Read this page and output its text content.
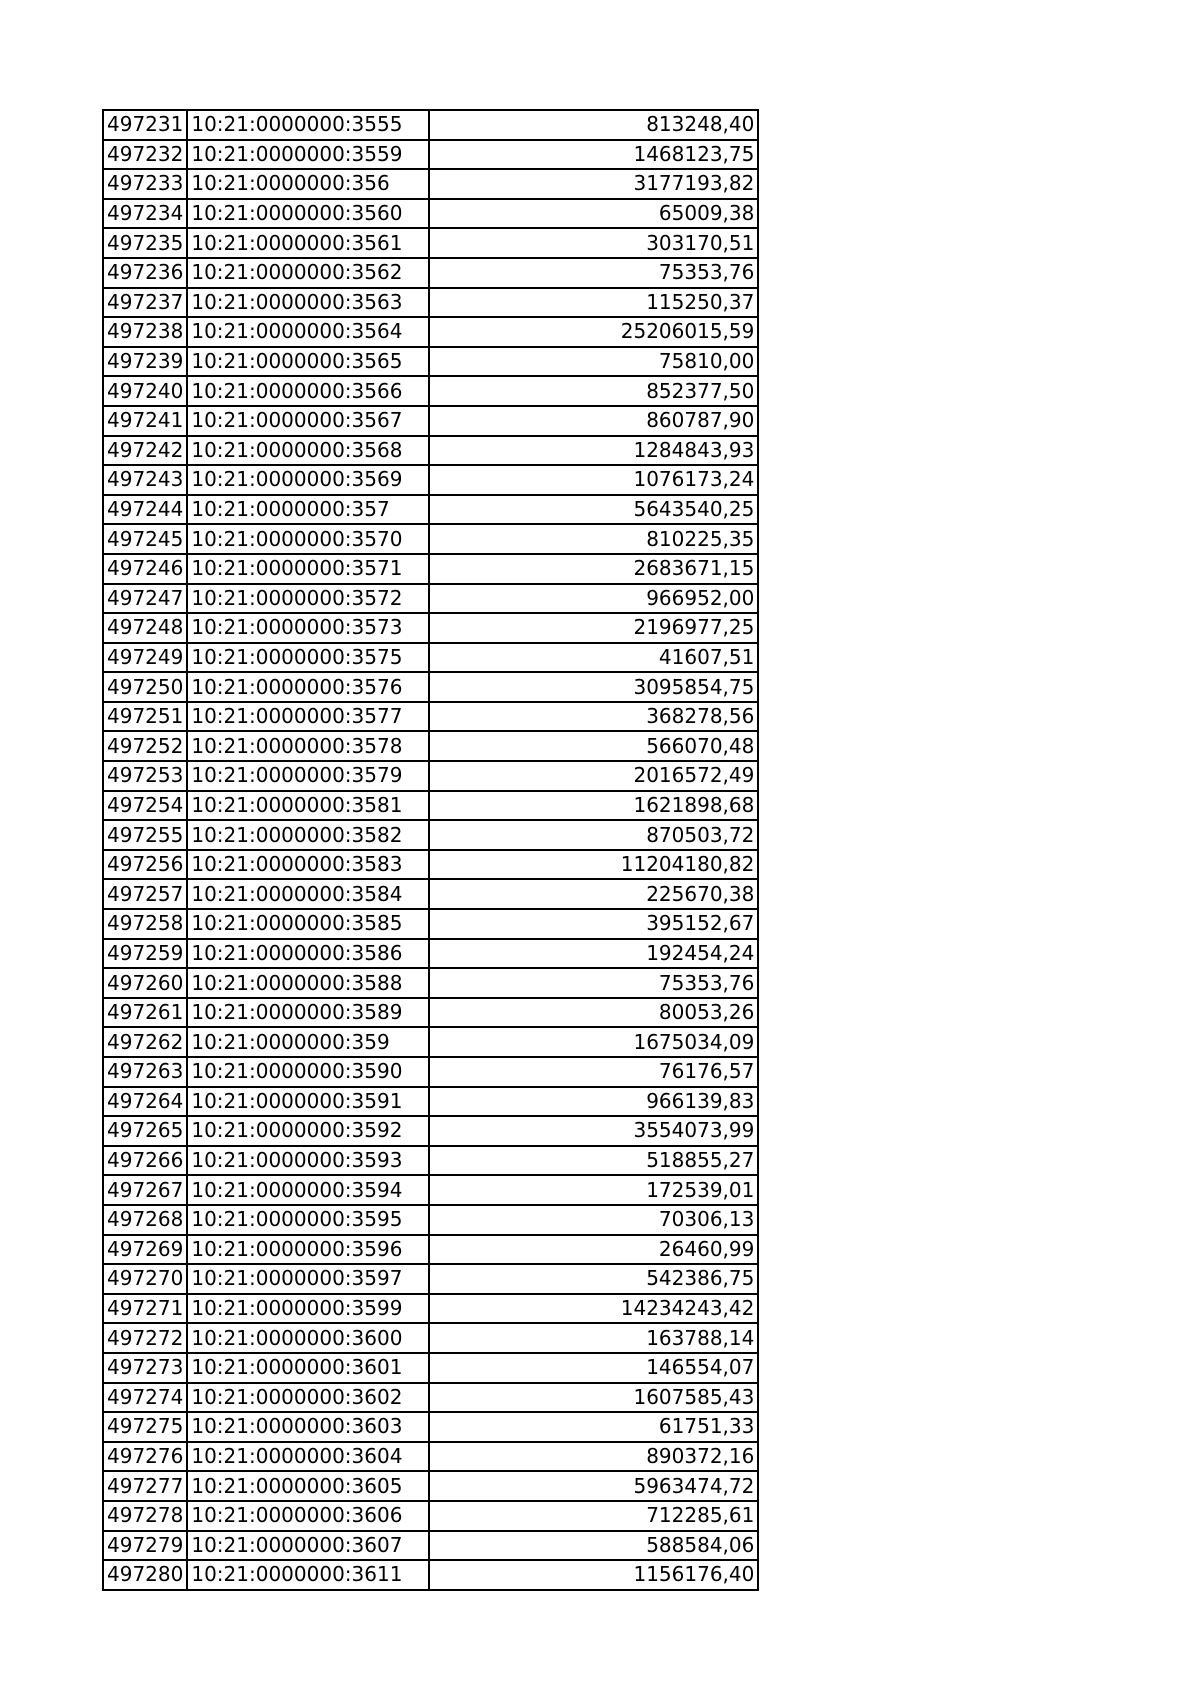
497231	10:21:0000000:3555	813248,40
497232	10:21:0000000:3559	1468123,75
497233	10:21:0000000:356	3177193,82
497234	10:21:0000000:3560	65009,38
497235	10:21:0000000:3561	303170,51
497236	10:21:0000000:3562	75353,76
497237	10:21:0000000:3563	115250,37
497238	10:21:0000000:3564	25206015,59
497239	10:21:0000000:3565	75810,00
497240	10:21:0000000:3566	852377,50
497241	10:21:0000000:3567	860787,90
497242	10:21:0000000:3568	1284843,93
497243	10:21:0000000:3569	1076173,24
497244	10:21:0000000:357	5643540,25
497245	10:21:0000000:3570	810225,35
497246	10:21:0000000:3571	2683671,15
497247	10:21:0000000:3572	966952,00
497248	10:21:0000000:3573	2196977,25
497249	10:21:0000000:3575	41607,51
497250	10:21:0000000:3576	3095854,75
497251	10:21:0000000:3577	368278,56
497252	10:21:0000000:3578	566070,48
497253	10:21:0000000:3579	2016572,49
497254	10:21:0000000:3581	1621898,68
497255	10:21:0000000:3582	870503,72
497256	10:21:0000000:3583	11204180,82
497257	10:21:0000000:3584	225670,38
497258	10:21:0000000:3585	395152,67
497259	10:21:0000000:3586	192454,24
497260	10:21:0000000:3588	75353,76
497261	10:21:0000000:3589	80053,26
497262	10:21:0000000:359	1675034,09
497263	10:21:0000000:3590	76176,57
497264	10:21:0000000:3591	966139,83
497265	10:21:0000000:3592	3554073,99
497266	10:21:0000000:3593	518855,27
497267	10:21:0000000:3594	172539,01
497268	10:21:0000000:3595	70306,13
497269	10:21:0000000:3596	26460,99
497270	10:21:0000000:3597	542386,75
497271	10:21:0000000:3599	14234243,42
497272	10:21:0000000:3600	163788,14
497273	10:21:0000000:3601	146554,07
497274	10:21:0000000:3602	1607585,43
497275	10:21:0000000:3603	61751,33
497276	10:21:0000000:3604	890372,16
497277	10:21:0000000:3605	5963474,72
497278	10:21:0000000:3606	712285,61
497279	10:21:0000000:3607	588584,06
497280	10:21:0000000:3611	1156176,40
